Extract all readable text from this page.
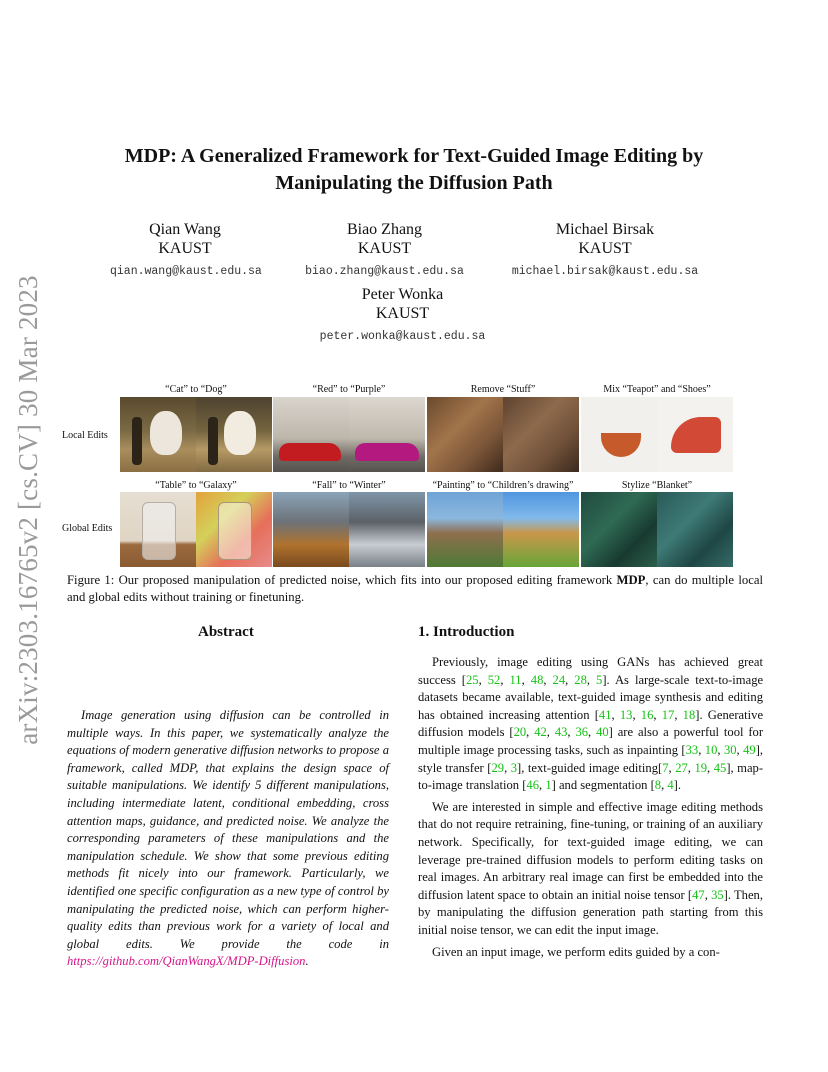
arXiv:2303.16765v2 [cs.CV] 30 Mar 2023
MDP: A Generalized Framework for Text-Guided Image Editing by
Manipulating the Diffusion Path
Qian Wang
KAUST
qian.wang@kaust.edu.sa
Biao Zhang
KAUST
biao.zhang@kaust.edu.sa
Michael Birsak
KAUST
michael.birsak@kaust.edu.sa
Peter Wonka
KAUST
peter.wonka@kaust.edu.sa
“Cat” to “Dog”	“Red” to “Purple”	Remove “Stuff”	Mix “Teapot” and “Shoes”
Local Edits
“Table” to “Galaxy”	“Fall” to “Winter”	“Painting” to “Children’s drawing”	Stylize “Blanket”
Global Edits
Figure 1: Our proposed manipulation of predicted noise, which fits into our proposed editing framework MDP, can do multiple local and global edits without training or finetuning.
Abstract
Image generation using diffusion can be controlled in multiple ways. In this paper, we systematically analyze the equations of modern generative diffusion networks to propose a framework, called MDP, that explains the design space of suitable manipulations. We identify 5 different manipulations, including intermediate latent, conditional embedding, cross attention maps, guidance, and predicted noise. We analyze the corresponding parameters of these manipulations and the manipulation schedule. We show that some previous editing methods fit nicely into our framework. Particularly, we identified one specific configuration as a new type of control by manipulating the predicted noise, which can perform higher-quality edits than previous work for a variety of local and global edits. We provide the code in https://github.com/QianWangX/MDP-Diffusion.
1. Introduction

Previously, image editing using GANs has achieved great success [25, 52, 11, 48, 24, 28, 5]. As large-scale text-to-image datasets became available, text-guided image synthesis and editing has obtained increasing attention [41, 13, 16, 17, 18]. Generative diffusion models [20, 42, 43, 36, 40] are also a powerful tool for multiple image processing tasks, such as inpainting [33, 10, 30, 49], style transfer [29, 3], text-guided image editing[7, 27, 19, 45], map-to-image translation [46, 1] and segmentation [8, 4].

We are interested in simple and effective image editing methods that do not require retraining, fine-tuning, or training of an auxiliary network. Specifically, for text-guided image editing, we can leverage pre-trained diffusion models to perform editing tasks on real images. An arbitrary real image can first be embedded into the diffusion latent space to obtain an initial noise tensor [47, 35]. Then, by manipulating the diffusion generation path starting from this initial noise tensor, we can edit the input image.

Given an input image, we perform edits guided by a con-
